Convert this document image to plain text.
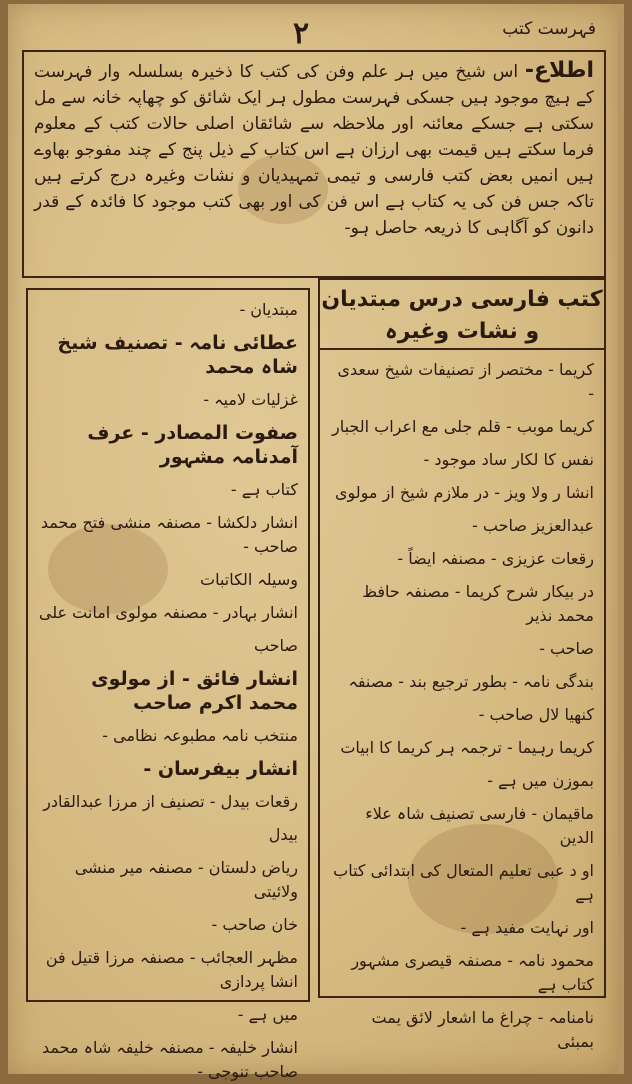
فہرست کتب
۲
اطلاع- اس شیخ میں ہر علم وفن کی کتب کا ذخیرہ بسلسلہ وار فہرست کے ہیچ موجود ہیں جسکی فہرست مطول ہر ایک شائق کو چھاپہ خانہ سے مل سکتی ہے جسکے معائنہ اور ملاحظہ سے شائقان اصلی حالات کتب کے معلوم فرما سکتے ہیں قیمت بھی ارزان ہے اس کتاب کے ذیل پنج کے چند مفوجو بھاوے ہیں انمیں بعض کتب فارسی و تیمی تمہیدیان و نشات وغیرہ درج کرتے ہیں تاکہ جس فن کی یہ کتاب ہے اس فن کی اور بھی کتب موجود کا فائدہ کے قدر دانون کو آگاہی کا ذریعہ حاصل ہو-
کتب فارسی درس مبتدیان و نشات وغیرہ
کریما - مختصر از تصنیفات شیخ سعدی -
کریما موبب - قلم جلی مع اعراب الجبار
نفس کا لکار ساد موجود -
انشا ر ولا ویز - در ملازم شیخ از مولوی
عبدالعزیز صاحب -
رقعات عزیزی - مصنفہ ایضاً -
در بیکار شرح کریما - مصنفہ حافظ محمد نذیر
صاحب -
بندگی نامہ - بطور ترجیع بند - مصنفہ
کنھیا لال صاحب -
کریما رہیما - ترجمہ ہر کریما کا ابیات
بموزن میں ہے -
ماقیمان - فارسی تصنیف شاہ علاء الدین
او د عبی تعلیم المتعال کی ابتدائی کتاب ہے
اور نہایت مفید ہے -
محمود نامہ - مصنفہ قیصری مشہور کتاب ہے
نامنامہ - چراغ ما اشعار لائق یمت بمبئی
مبتدیان -
عطائی نامہ - تصنیف شیخ شاہ محمد
غزلیات لامیہ -
صفوت المصادر - عرف آمدنامہ مشہور
کتاب ہے -
انشار دلکشا - مصنفہ منشی فتح محمد صاحب -
وسیلہ الکاتبات
انشار بہادر - مصنفہ مولوی امانت علی
صاحب
انشار فائق - از مولوی محمد اکرم صاحب
منتخب نامہ مطبوعہ نظامی -
انشار بیفرسان -
رقعات بیدل - تصنیف از مرزا عبدالقادر
بیدل
ریاض دلستان - مصنفہ میر منشی ولائیتی
خان صاحب -
مظہر العجائب - مصنفہ مرزا قتیل فن انشا پردازی
میں ہے -
انشار خلیفہ - مصنفہ خلیفہ شاہ محمد صاحب تنوجی -
